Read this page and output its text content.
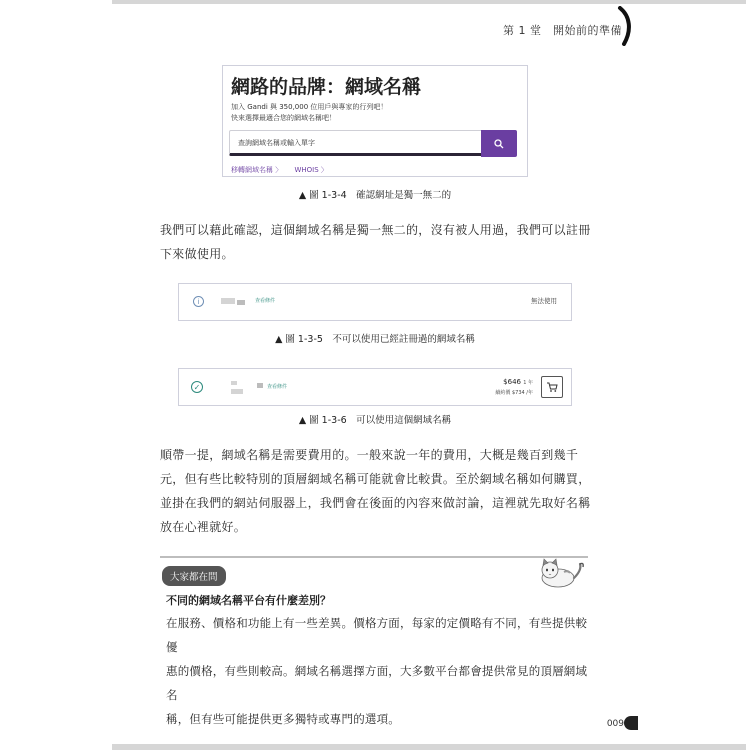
第 1 堂　開始前的準備
網路的品牌：網域名稱
加入 Gandi 與 350,000 位用戶與專家的行列吧！
快來選擇最適合您的網域名稱吧！
查詢網域名稱或輸入單字
移轉網域名稱 〉 WHOIS 〉
▲ 圖 1-3-4　確認網址是獨一無二的
我們可以藉此確認，這個網域名稱是獨一無二的，沒有被人用過，我們可以註冊
下來做使用。
i	查看條件	無法使用
▲ 圖 1-3-5　不可以使用已經註冊過的網域名稱
✓	查看條件
$646 1 年
續約價 $734 /年
▲ 圖 1-3-6　可以使用這個網域名稱
順帶一提，網域名稱是需要費用的。一般來說一年的費用，大概是幾百到幾千
元，但有些比較特別的頂層網域名稱可能就會比較貴。至於網域名稱如何購買，
並掛在我們的網站伺服器上，我們會在後面的內容來做討論，這裡就先取好名稱
放在心裡就好。
大家都在問
不同的網域名稱平台有什麼差別？
在服務、價格和功能上有一些差異。價格方面，每家的定價略有不同，有些提供較優
惠的價格，有些則較高。網域名稱選擇方面，大多數平台都會提供常見的頂層網域名
稱，但有些可能提供更多獨特或專門的選項。	009
